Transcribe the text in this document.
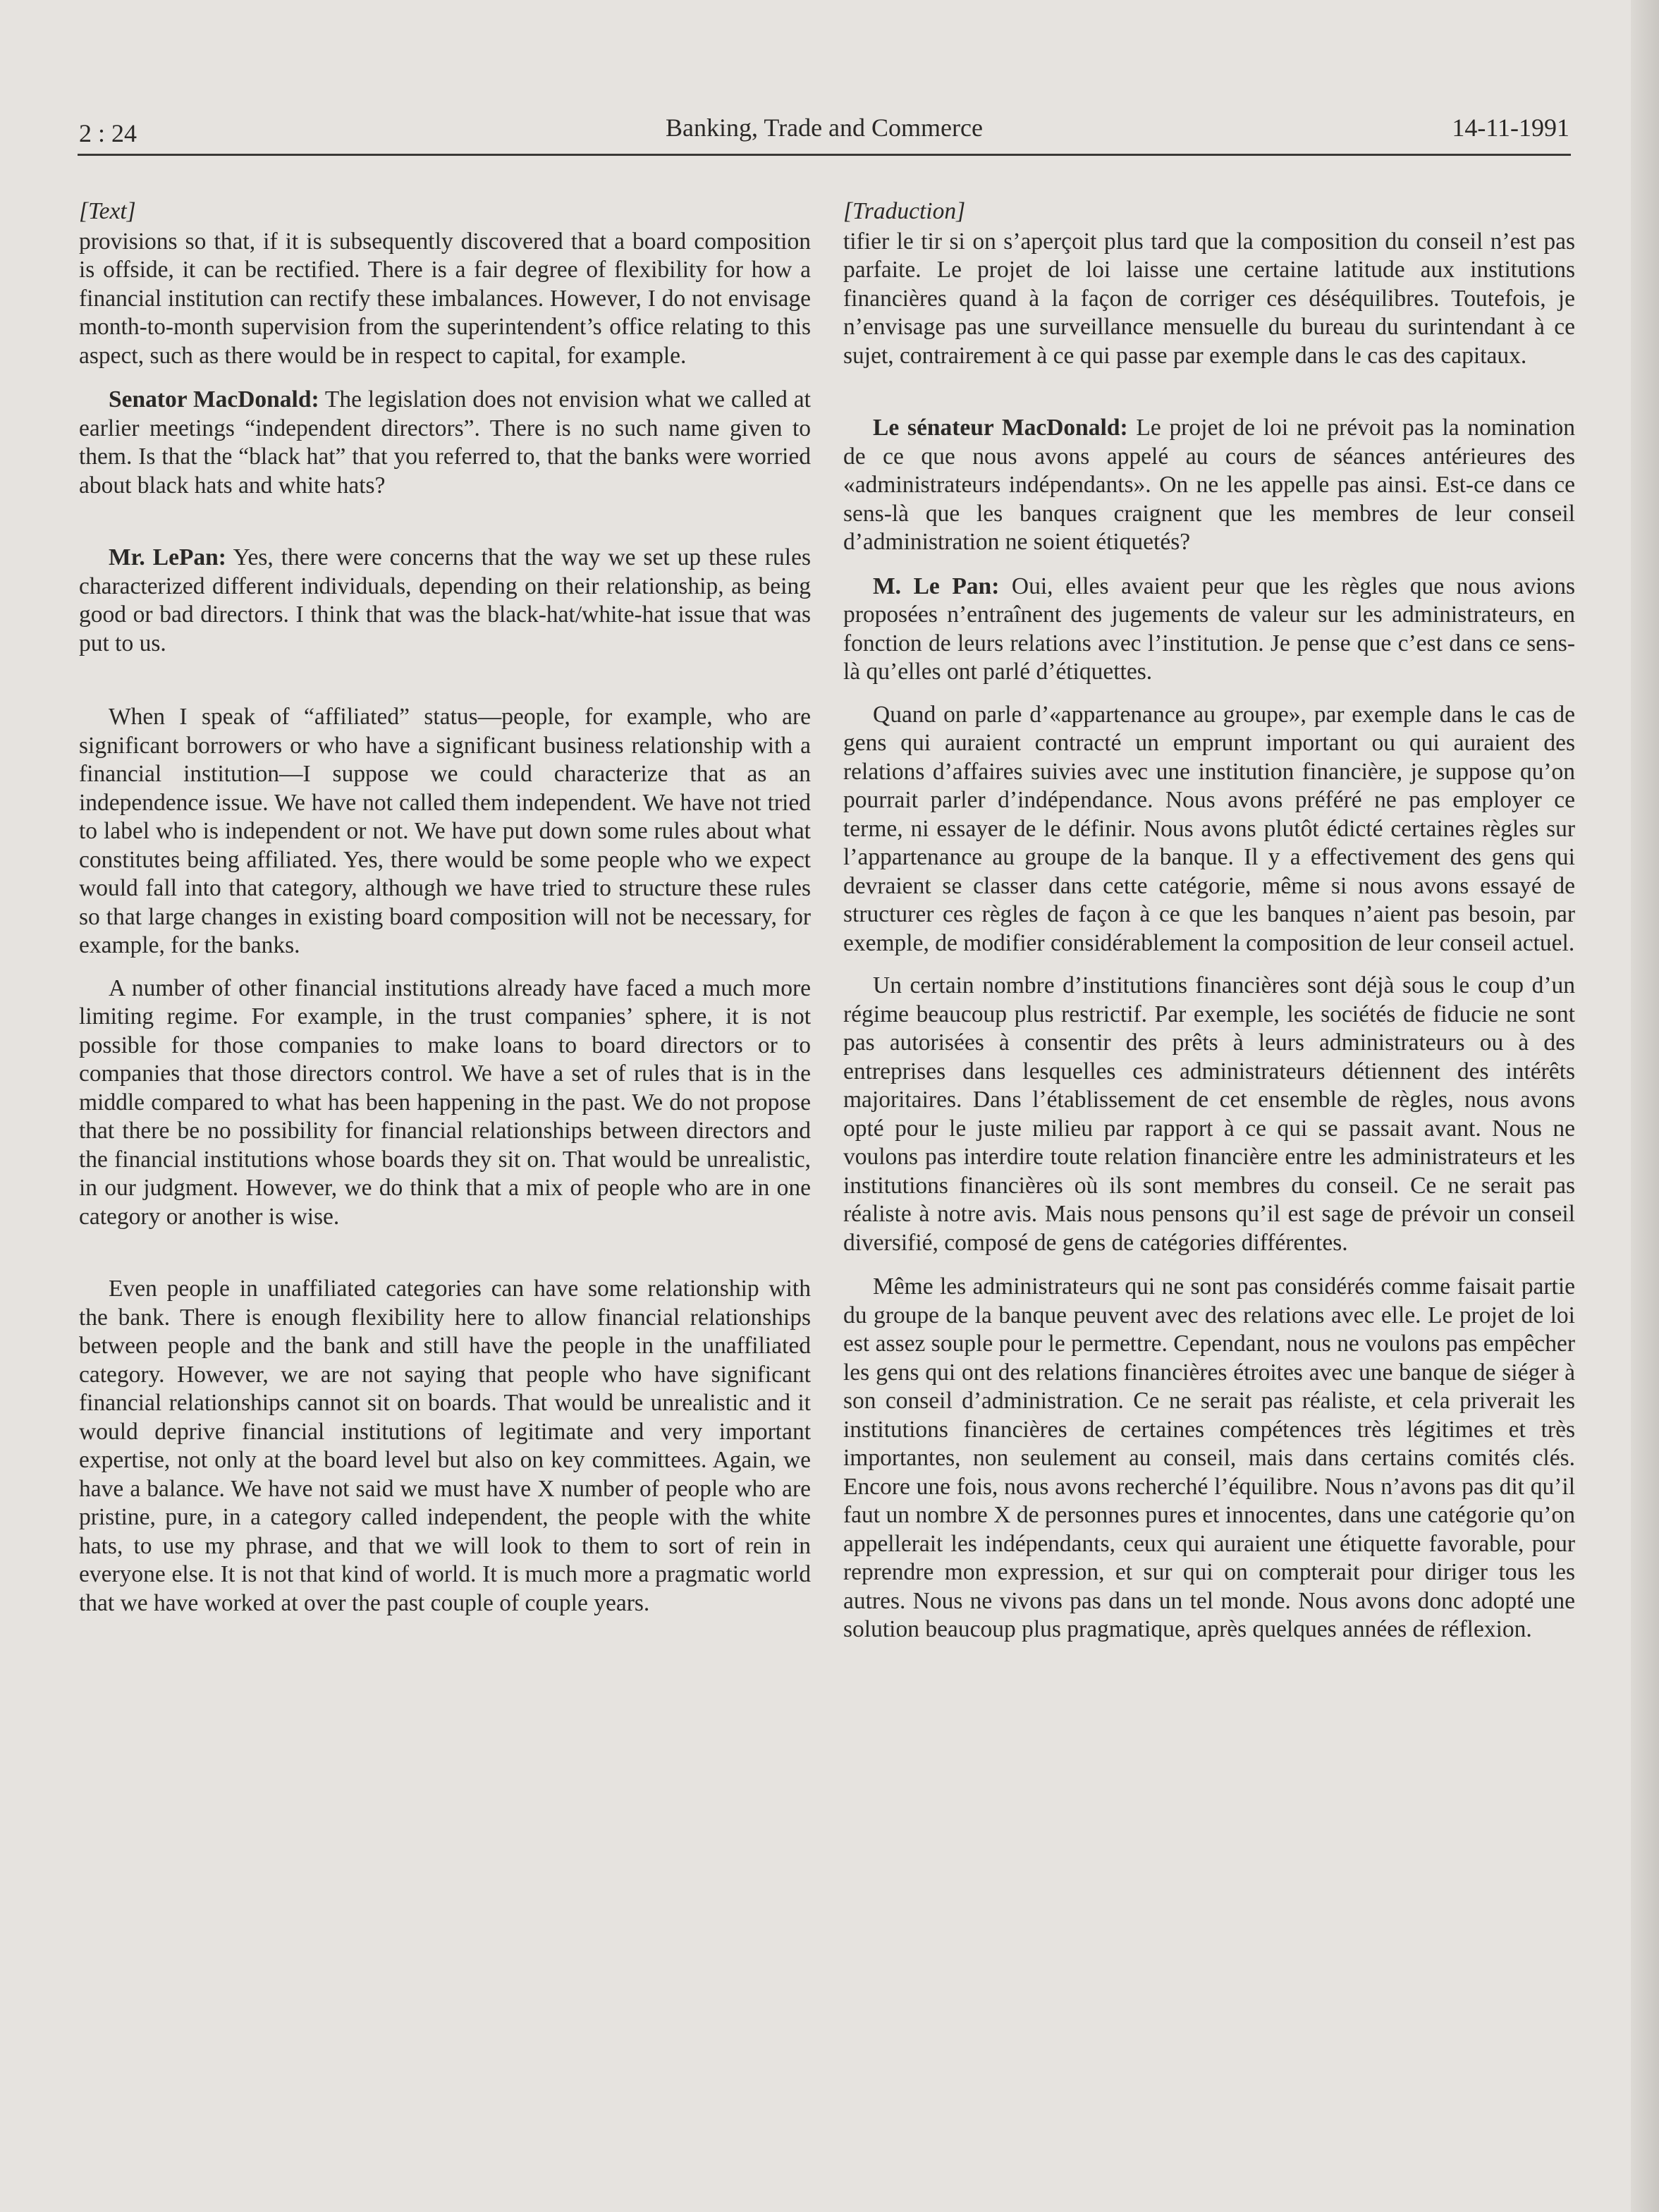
2 : 24	Banking, Trade and Commerce	14-11-1991
[Text]

provisions so that, if it is subsequently discovered that a board composition is offside, it can be rectified. There is a fair degree of flexibility for how a financial institution can rectify these imbalances. However, I do not envisage month-to-month supervision from the superintendent’s office relating to this aspect, such as there would be in respect to capital, for example.

Senator MacDonald: The legislation does not envision what we called at earlier meetings “independent directors”. There is no such name given to them. Is that the “black hat” that you referred to, that the banks were worried about black hats and white hats?

Mr. LePan: Yes, there were concerns that the way we set up these rules characterized different individuals, depending on their relationship, as being good or bad directors. I think that was the black-hat/white-hat issue that was put to us.

When I speak of “affiliated” status—people, for example, who are significant borrowers or who have a significant business relationship with a financial institution—I suppose we could characterize that as an independence issue. We have not called them independent. We have not tried to label who is independent or not. We have put down some rules about what constitutes being affiliated. Yes, there would be some people who we expect would fall into that category, although we have tried to structure these rules so that large changes in existing board composition will not be necessary, for example, for the banks.

A number of other financial institutions already have faced a much more limiting regime. For example, in the trust companies’ sphere, it is not possible for those companies to make loans to board directors or to companies that those directors control. We have a set of rules that is in the middle compared to what has been happening in the past. We do not propose that there be no possibility for financial relationships between directors and the financial institutions whose boards they sit on. That would be unrealistic, in our judgment. However, we do think that a mix of people who are in one category or another is wise.

Even people in unaffiliated categories can have some relationship with the bank. There is enough flexibility here to allow financial relationships between people and the bank and still have the people in the unaffiliated category. However, we are not saying that people who have significant financial relationships cannot sit on boards. That would be unrealistic and it would deprive financial institutions of legitimate and very important expertise, not only at the board level but also on key committees. Again, we have a balance. We have not said we must have X number of people who are pristine, pure, in a category called independent, the people with the white hats, to use my phrase, and that we will look to them to sort of rein in everyone else. It is not that kind of world. It is much more a pragmatic world that we have worked at over the past couple of couple years.

[Traduction]

tifier le tir si on s’aperçoit plus tard que la composition du conseil n’est pas parfaite. Le projet de loi laisse une certaine latitude aux institutions financières quand à la façon de corriger ces déséquilibres. Toutefois, je n’envisage pas une surveillance mensuelle du bureau du surintendant à ce sujet, contrairement à ce qui passe par exemple dans le cas des capitaux.

Le sénateur MacDonald: Le projet de loi ne prévoit pas la nomination de ce que nous avons appelé au cours de séances antérieures des «administrateurs indépendants». On ne les appelle pas ainsi. Est-ce dans ce sens-là que les banques craignent que les membres de leur conseil d’administration ne soient étiquetés?

M. Le Pan: Oui, elles avaient peur que les règles que nous avions proposées n’entraînent des jugements de valeur sur les administrateurs, en fonction de leurs relations avec l’institution. Je pense que c’est dans ce sens-là qu’elles ont parlé d’étiquettes.

Quand on parle d’«appartenance au groupe», par exemple dans le cas de gens qui auraient contracté un emprunt important ou qui auraient des relations d’affaires suivies avec une institution financière, je suppose qu’on pourrait parler d’indépendance. Nous avons préféré ne pas employer ce terme, ni essayer de le définir. Nous avons plutôt édicté certaines règles sur l’appartenance au groupe de la banque. Il y a effectivement des gens qui devraient se classer dans cette catégorie, même si nous avons essayé de structurer ces règles de façon à ce que les banques n’aient pas besoin, par exemple, de modifier considérablement la composition de leur conseil actuel.

Un certain nombre d’institutions financières sont déjà sous le coup d’un régime beaucoup plus restrictif. Par exemple, les sociétés de fiducie ne sont pas autorisées à consentir des prêts à leurs administrateurs ou à des entreprises dans lesquelles ces administrateurs détiennent des intérêts majoritaires. Dans l’établissement de cet ensemble de règles, nous avons opté pour le juste milieu par rapport à ce qui se passait avant. Nous ne voulons pas interdire toute relation financière entre les administrateurs et les institutions financières où ils sont membres du conseil. Ce ne serait pas réaliste à notre avis. Mais nous pensons qu’il est sage de prévoir un conseil diversifié, composé de gens de catégories différentes.

Même les administrateurs qui ne sont pas considérés comme faisait partie du groupe de la banque peuvent avec des relations avec elle. Le projet de loi est assez souple pour le permettre. Cependant, nous ne voulons pas empêcher les gens qui ont des relations financières étroites avec une banque de siéger à son conseil d’administration. Ce ne serait pas réaliste, et cela priverait les institutions financières de certaines compétences très légitimes et très importantes, non seulement au conseil, mais dans certains comités clés. Encore une fois, nous avons recherché l’équilibre. Nous n’avons pas dit qu’il faut un nombre X de personnes pures et innocentes, dans une catégorie qu’on appellerait les indépendants, ceux qui auraient une étiquette favorable, pour reprendre mon expression, et sur qui on compterait pour diriger tous les autres. Nous ne vivons pas dans un tel monde. Nous avons donc adopté une solution beaucoup plus pragmatique, après quelques années de réflexion.
